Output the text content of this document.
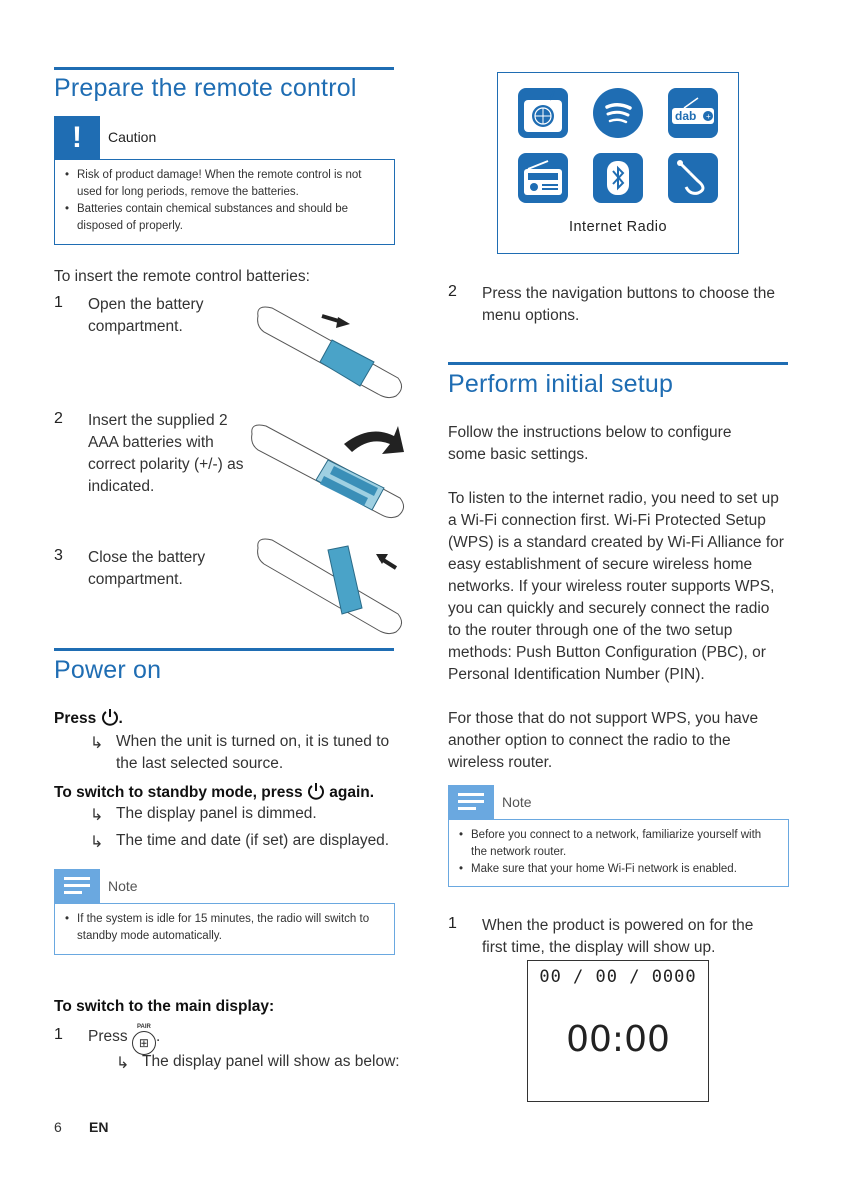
Prepare the remote control
!	Caution
• Risk of product damage! When the remote control is not used for long periods, remove the batteries.
• Batteries contain chemical substances and should be disposed of properly.
To insert the remote control batteries:
1 Open the battery compartment.
2 Insert the supplied 2 AAA batteries with correct polarity (+/-) as indicated.
3 Close the battery compartment.
Power on
Press .
↳ When the unit is turned on, it is tuned to the last selected source.
To switch to standby mode, press again.
↳ The display panel is dimmed.
↳ The time and date (if set) are displayed.
Note
• If the system is idle for 15 minutes, the radio will switch to standby mode automatically.
To switch to the main display:
1 Press ⊞
PAIR
.
↳ The display panel will show as below:
6 EN
+
dab
Internet Radio
2 Press the navigation buttons to choose the menu options.
Perform initial setup
Follow the instructions below to configure some basic settings.
To listen to the internet radio, you need to set up a Wi-Fi connection first. Wi-Fi Protected Setup (WPS) is a standard created by Wi-Fi Alliance for easy establishment of secure wireless home networks. If your wireless router supports WPS, you can quickly and securely connect the radio to the router through one of the two setup methods: Push Button Configuration (PBC), or Personal Identification Number (PIN).
For those that do not support WPS, you have another option to connect the radio to the wireless router.
Note
• Before you connect to a network, familiarize yourself with the network router.
• Make sure that your home Wi-Fi network is enabled.
1 When the product is powered on for the first time, the display will show up.
00 / 00 / 0000
00:00
